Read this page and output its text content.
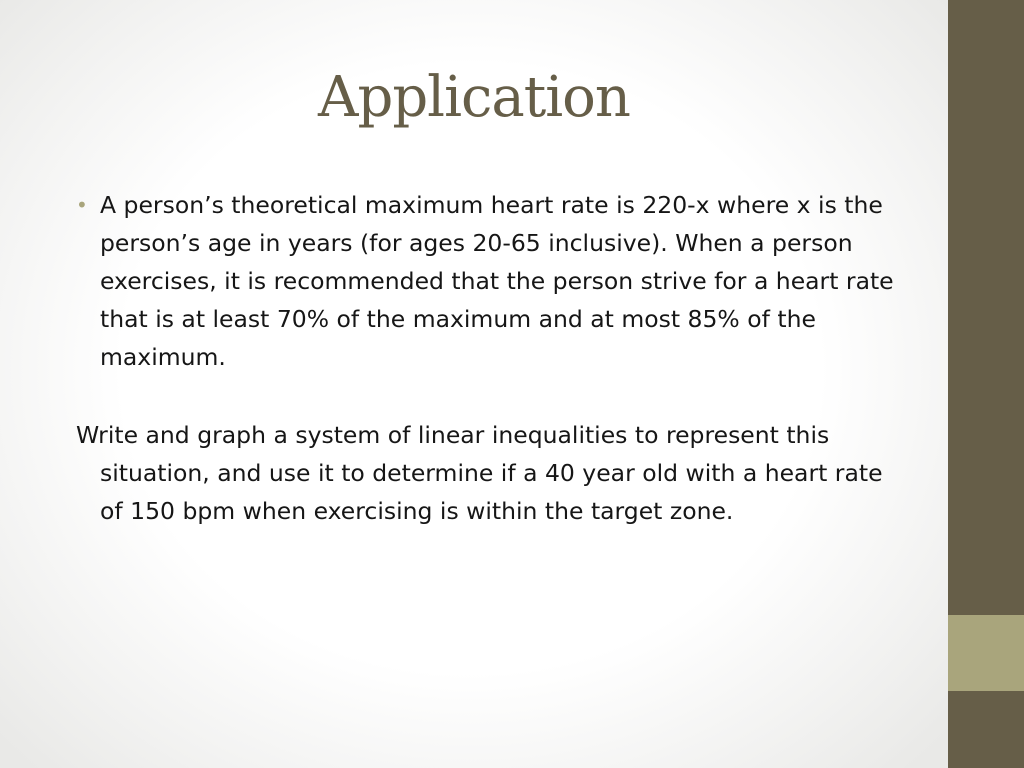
Application

• A person’s theoretical maximum heart rate is 220-x where x is the person’s age in years (for ages 20-65 inclusive). When a person exercises, it is recommended that the person strive for a heart rate that is at least 70% of the maximum and at most 85% of the maximum.

Write and graph a system of linear inequalities to represent this situation, and use it to determine if a 40 year old with a heart rate of 150 bpm when exercising is within the target zone.
